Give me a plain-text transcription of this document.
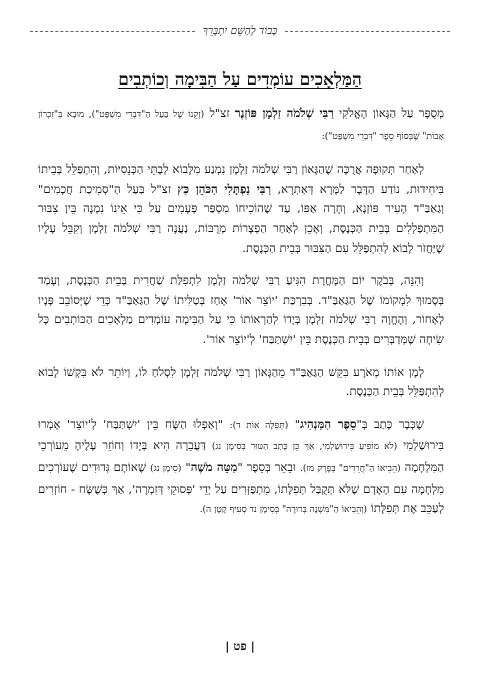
כָּבוֹד לְהַשֵּׁם יִתְבָּרֵךְ
הַמַּלְאָכִים עוֹמְדִים עַל הַבִּימָה וְכוֹתְבִים

מְסֻפָּר עַל הַגָּאוֹן הָאֱלֹקִי רַבִּי שְׁלֹמֹה זַלְמָן פּוֹזְנֶר זצ"ל (זְקֵנוֹ שֶׁל בַּעַל הַ"דִּבְרֵי מִשְׁפָּט"), מוּבָא בְּ"זִכְרוֹן אָבוֹת" שֶׁבְּסוֹף סֵפֶר "דִּבְרֵי מִשְׁפָּט"):

לְאַחַר תְּקוּפָה אֲרֻכָּה שֶׁהַגָּאוֹן רַבִּי שְׁלֹמֹה זַלְמָן נִמְנַע מִלָּבוֹא לְבָתֵּי הַכְּנֵסִיּוֹת, וְהִתְפַּלֵּל בְּבֵיתוֹ בִּיחִידוּת, נוֹדַע הַדָּבָר לַמָּרָא דְּאַתְרָא, רַבִּי נַפְתָּלִי הַכֹּהֵן כַּץ זצ"ל בַּעַל הַ"סְמִיכַת חֲכָמִים" וְגַאַבַּ"ד הָעִיר פּוֹזְנָא, וְחָרָה אַפּוֹ, עַד שֶׁהוֹכִיחוֹ מִסְפַּר פְּעָמִים עַל כִּי אֵינוֹ נִמְנֶה בֵּין צִבּוּר הַמִּתְפַּלְלִים בְּבֵית הַכְּנֶסֶת, וְאָכֵן לְאַחַר הַפְצָרוֹת מְרֻבּוֹת, נַעֲנָה רַבִּי שְׁלֹמֹה זַלְמָן וְקִבֵּל עָלָיו שֶׁיַּחֲזֹר לָבוֹא לְהִתְפַּלֵּל עִם הַצִּבּוּר בְּבֵית הַכְּנֶסֶת.

וְהִנֵּה, בְּבֹקֶר יוֹם הַמָּחֳרָת הִגִּיעַ רַבִּי שְׁלֹמֹה זַלְמָן לִתְפִלַּת שַׁחֲרִית בְּבֵית הַכְּנֶסֶת, וְעָמַד בְּסָמוּךְ לִמְקוֹמוֹ שֶׁל הַגַּאַבַּ"ד. בְּבִרְכַּת 'יוֹצֵר אוֹר' אָחַז בְּטַלִּיתוֹ שֶׁל הַגַּאַבַּ"ד כְּדֵי שֶׁיְּסוֹבֵב פָּנָיו לְאָחוֹר, וְהֶחֱוָה רַבִּי שְׁלֹמֹה זַלְמָן בְּיָדוֹ לְהַרְאוֹתוֹ כִּי עַל הַבִּימָה עוֹמְדִים מַלְאָכִים הַכּוֹתְבִים כָּל שִׂיחָה שֶׁמְּדַבְּרִים בְּבֵית הַכְּנֶסֶת בֵּין 'יִשְׁתַּבַּח' לְ'יוֹצֵר אוֹר'.

לְמָן אוֹתוֹ מְאֹרָע בִּקֵּשׁ הַגַּאַבַּ"ד מֵהַגָּאוֹן רַבִּי שְׁלֹמֹה זַלְמָן לִסְלֹחַ לוֹ, וְיוֹתֵר לֹא בִּקְשׁוֹ לָבוֹא לְהִתְפַּלֵּל בְּבֵית הַכְּנֶסֶת.

שֶׁכְּבָר כָּתַב בְּ"סֵפֶר הַמַּנְהִיג" (תְּפִלָּה אוֹת ד): "וְאַפְלוּ הַשָּׂח בֵּין 'יִשְׁתַּבַּח' לְ'יוֹצֵר' אָמְרוּ בִּירוּשַׁלְמִי (לֹא מוֹפִיעַ בִּירוּשַׁלְמִי, אַךְ כֵּן כָּתַב הַטּוּר בְּסִימָן נג) דַּעֲבֵרָה הִיא בְּיָדוֹ וְחוֹזֵר עָלֶיהָ מֵעוֹרְכֵי הַמִּלְחָמָה (הֵבִיאוֹ הַ"חֲרֵדִים" בְּפֶרֶק מז). וּבֵאֵר בְּסֵפֶר "מַטֵּה מֹשֶׁה" (סִימָן נג) שֶׁאוֹתָם גְּדוּדִים שֶׁעוֹרְכִים מִלְחָמָה עִם הָאָדָם שֶׁלֹּא תְּקֻבַּל תְּפִלָּתוֹ, מִתְפַּזְּרִים עַל יְדֵי 'פְּסוּקֵי דְּזִמְרָה', אַךְ כְּשֶׁשָּׂח - חוֹזְרִים לְעַכֵּב אֶת תְּפִלָּתוֹ (וְהֵבִיאוֹ הַ"מִּשְׁנָה בְּרוּרָה" בְּסִימָן נד סְעִיף קָטָן ה).

| פט |
